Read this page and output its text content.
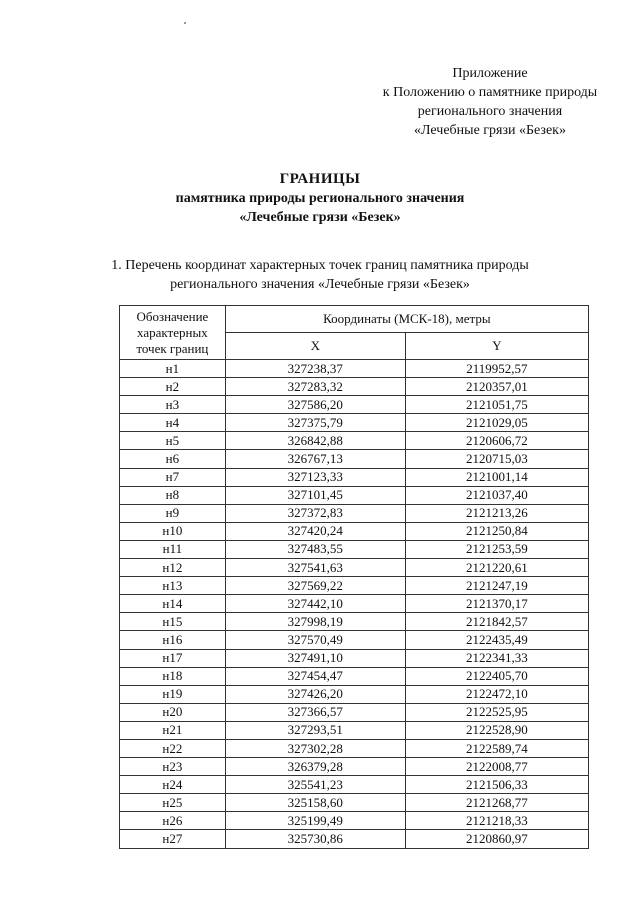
Приложение
к Положению о памятнике природы
регионального значения
«Лечебные грязи «Безек»
ГРАНИЦЫ
памятника природы регионального значения
«Лечебные грязи «Безек»
1. Перечень координат характерных точек границ памятника природы
регионального значения «Лечебные грязи «Безек»
Обозначение
характерных
точек границ	Координаты (МСК-18), метры	
	X	Y
н1	327238,37	2119952,57
н2	327283,32	2120357,01
н3	327586,20	2121051,75
н4	327375,79	2121029,05
н5	326842,88	2120606,72
н6	326767,13	2120715,03
н7	327123,33	2121001,14
н8	327101,45	2121037,40
н9	327372,83	2121213,26
н10	327420,24	2121250,84
н11	327483,55	2121253,59
н12	327541,63	2121220,61
н13	327569,22	2121247,19
н14	327442,10	2121370,17
н15	327998,19	2121842,57
н16	327570,49	2122435,49
н17	327491,10	2122341,33
н18	327454,47	2122405,70
н19	327426,20	2122472,10
н20	327366,57	2122525,95
н21	327293,51	2122528,90
н22	327302,28	2122589,74
н23	326379,28	2122008,77
н24	325541,23	2121506,33
н25	325158,60	2121268,77
н26	325199,49	2121218,33
н27	325730,86	2120860,97
